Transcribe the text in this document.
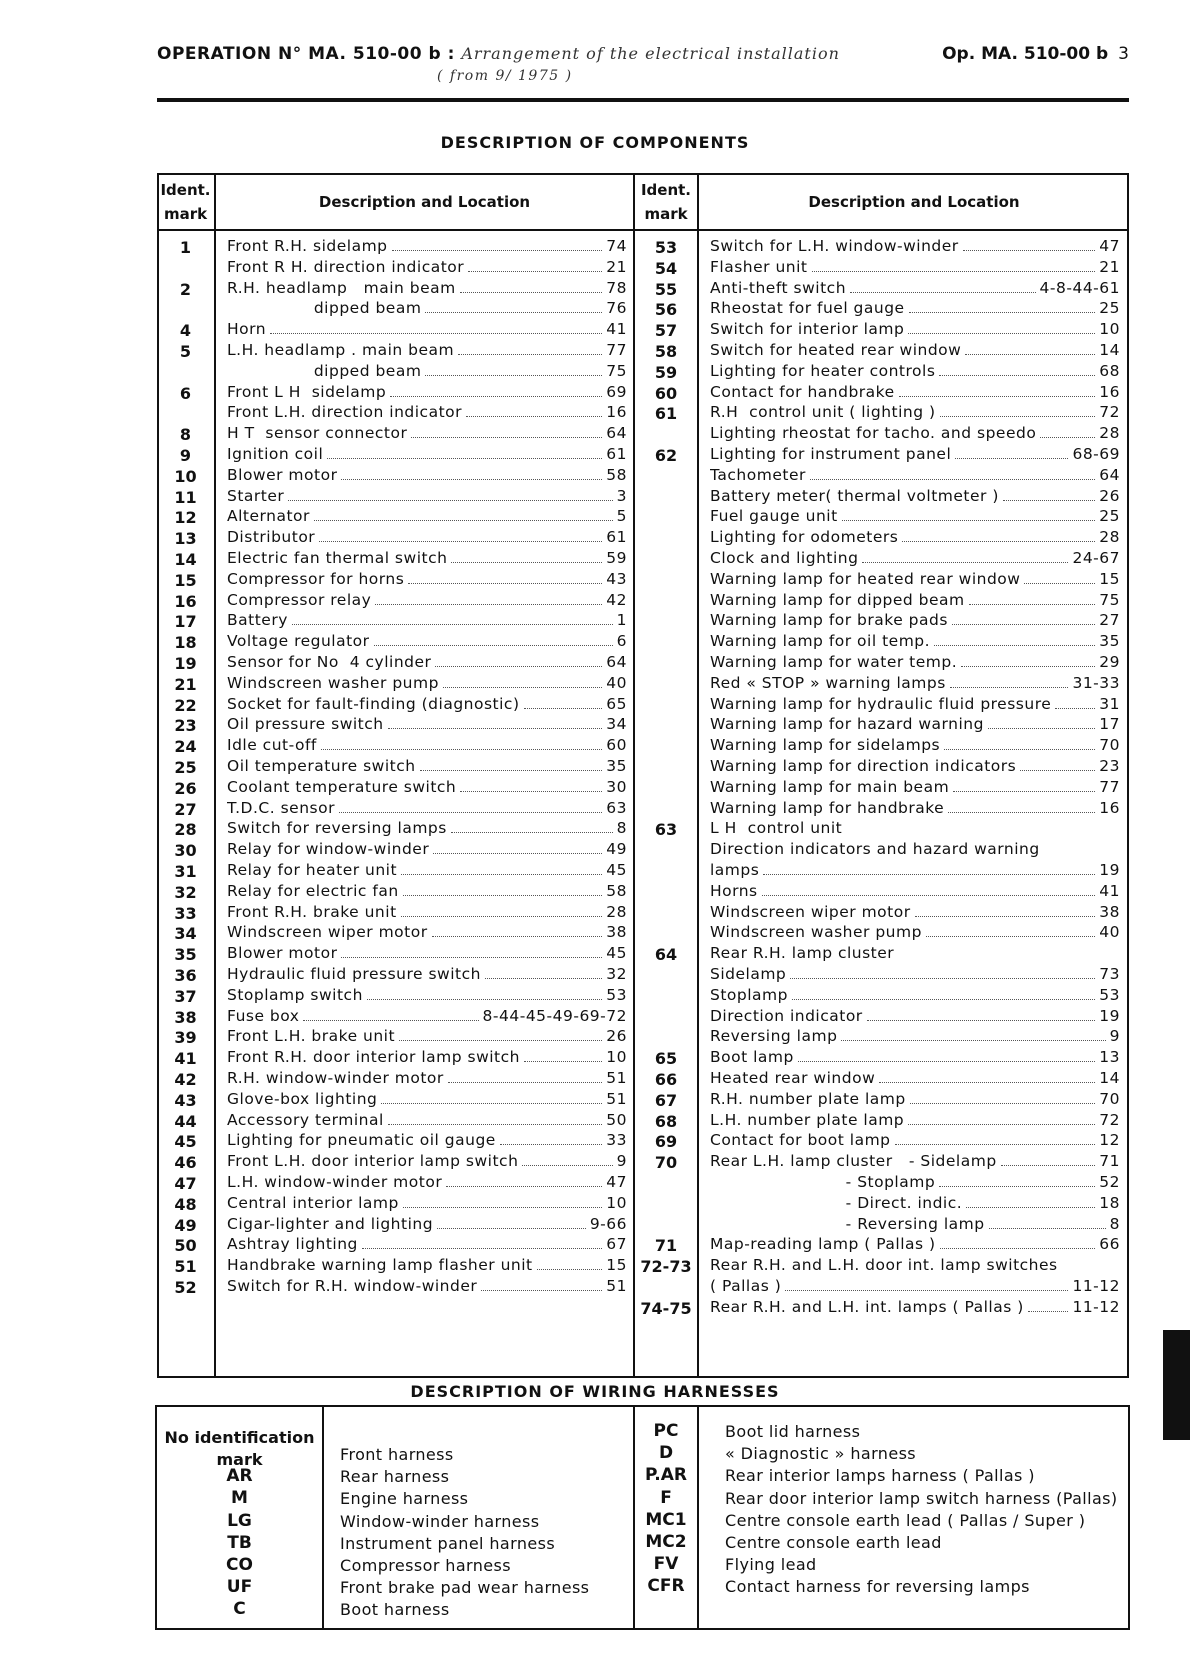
OPERATION N° MA. 510-00 b : Arrangement of the electrical installation
( from 9/ 1975 )
Op. MA. 510-00 b 3
DESCRIPTION OF COMPONENTS
Ident. mark
Description and Location
Ident. mark
Description and Location
1	Front R.H. sidelamp	74
Front R H. direction indicator	21
2	R.H. headlamp   main beam	78
dipped beam	76
4	Horn	41
5	L.H. headlamp . main beam	77
dipped beam	75
6	Front L H  sidelamp	69
Front L.H. direction indicator	16
8	H T  sensor connector	64
9	Ignition coil	61
10	Blower motor	58
11	Starter	3
12	Alternator	5
13	Distributor	61
14	Electric fan thermal switch	59
15	Compressor for horns	43
16	Compressor relay	42
17	Battery	1
18	Voltage regulator	6
19	Sensor for No  4 cylinder	64
21	Windscreen washer pump	40
22	Socket for fault-finding (diagnostic)	65
23	Oil pressure switch	34
24	Idle cut-off	60
25	Oil temperature switch	35
26	Coolant temperature switch	30
27	T.D.C. sensor	63
28	Switch for reversing lamps	8
30	Relay for window-winder	49
31	Relay for heater unit	45
32	Relay for electric fan	58
33	Front R.H. brake unit	28
34	Windscreen wiper motor	38
35	Blower motor	45
36	Hydraulic fluid pressure switch	32
37	Stoplamp switch	53
38	Fuse box	8-44-45-49-69-72
39	Front L.H. brake unit	26
41	Front R.H. door interior lamp switch	10
42	R.H. window-winder motor	51
43	Glove-box lighting	51
44	Accessory terminal	50
45	Lighting for pneumatic oil gauge	33
46	Front L.H. door interior lamp switch	9
47	L.H. window-winder motor	47
48	Central interior lamp	10
49	Cigar-lighter and lighting	9-66
50	Ashtray lighting	67
51	Handbrake warning lamp flasher unit	15
52	Switch for R.H. window-winder	51
53	Switch for L.H. window-winder	47
54	Flasher unit	21
55	Anti-theft switch	4-8-44-61
56	Rheostat for fuel gauge	25
57	Switch for interior lamp	10
58	Switch for heated rear window	14
59	Lighting for heater controls	68
60	Contact for handbrake	16
61	R.H  control unit ( lighting )	72
Lighting rheostat for tacho. and speedo	28
62	Lighting for instrument panel	68-69
Tachometer	64
Battery meter( thermal voltmeter )	26
Fuel gauge unit	25
Lighting for odometers	28
Clock and lighting	24-67
Warning lamp for heated rear window	15
Warning lamp for dipped beam	75
Warning lamp for brake pads	27
Warning lamp for oil temp.	35
Warning lamp for water temp.	29
Red « STOP » warning lamps	31-33
Warning lamp for hydraulic fluid pressure	31
Warning lamp for hazard warning	17
Warning lamp for sidelamps	70
Warning lamp for direction indicators	23
Warning lamp for main beam	77
Warning lamp for handbrake	16
63	L H  control unit
Direction indicators and hazard warning
lamps	19
Horns	41
Windscreen wiper motor	38
Windscreen washer pump	40
64	Rear R.H. lamp cluster
Sidelamp	73
Stoplamp	53
Direction indicator	19
Reversing lamp	9
65	Boot lamp	13
66	Heated rear window	14
67	R.H. number plate lamp	70
68	L.H. number plate lamp	72
69	Contact for boot lamp	12
70	Rear L.H. lamp cluster   - Sidelamp	71
- Stoplamp	52
- Direct. indic.	18
- Reversing lamp	8
71	Map-reading lamp ( Pallas )	66
72-73	Rear R.H. and L.H. door int. lamp switches
( Pallas )	11-12
74-75	Rear R.H. and L.H. int. lamps ( Pallas )	11-12
DESCRIPTION OF WIRING HARNESSES
No identification
mark	Front harness
AR	Rear harness
M	Engine harness
LG	Window-winder harness
TB	Instrument panel harness
CO	Compressor harness
UF	Front brake pad wear harness
C	Boot harness
PC	Boot lid harness
D	« Diagnostic » harness
P.AR	Rear interior lamps harness ( Pallas )
F	Rear door interior lamp switch harness (Pallas)
MC1	Centre console earth lead ( Pallas / Super )
MC2	Centre console earth lead
FV	Flying lead
CFR	Contact harness for reversing lamps
